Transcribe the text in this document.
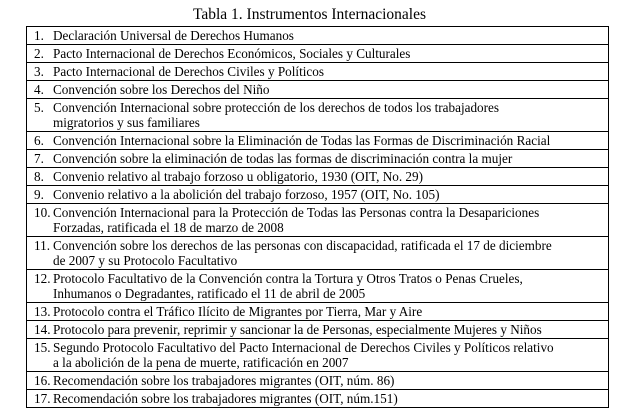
Tabla 1. Instrumentos Internacionales
1. Declaración Universal de Derechos Humanos

2. Pacto Internacional de Derechos Económicos, Sociales y Culturales

3. Pacto Internacional de Derechos Civiles y Políticos

4. Convención sobre los Derechos del Niño

5. Convención Internacional sobre protección de los derechos de todos los trabajadores
migratorios y sus familiares

6. Convención Internacional sobre la Eliminación de Todas las Formas de Discriminación Racial

7. Convención sobre la eliminación de todas las formas de discriminación contra la mujer

8. Convenio relativo al trabajo forzoso u obligatorio, 1930 (OIT, No. 29)

9. Convenio relativo a la abolición del trabajo forzoso, 1957 (OIT, No. 105)

10. Convención Internacional para la Protección de Todas las Personas contra la Desapariciones
Forzadas, ratificada el 18 de marzo de 2008

11. Convención sobre los derechos de las personas con discapacidad, ratificada el 17 de diciembre
de 2007 y su Protocolo Facultativo

12. Protocolo Facultativo de la Convención contra la Tortura y Otros Tratos o Penas Crueles,
Inhumanos o Degradantes, ratificado el 11 de abril de 2005

13. Protocolo contra el Tráfico Ilícito de Migrantes por Tierra, Mar y Aire

14. Protocolo para prevenir, reprimir y sancionar la de Personas, especialmente Mujeres y Niños

15. Segundo Protocolo Facultativo del Pacto Internacional de Derechos Civiles y Políticos relativo
a la abolición de la pena de muerte, ratificación en 2007

16. Recomendación sobre los trabajadores migrantes (OIT, núm. 86)

17. Recomendación sobre los trabajadores migrantes (OIT, núm.151)
